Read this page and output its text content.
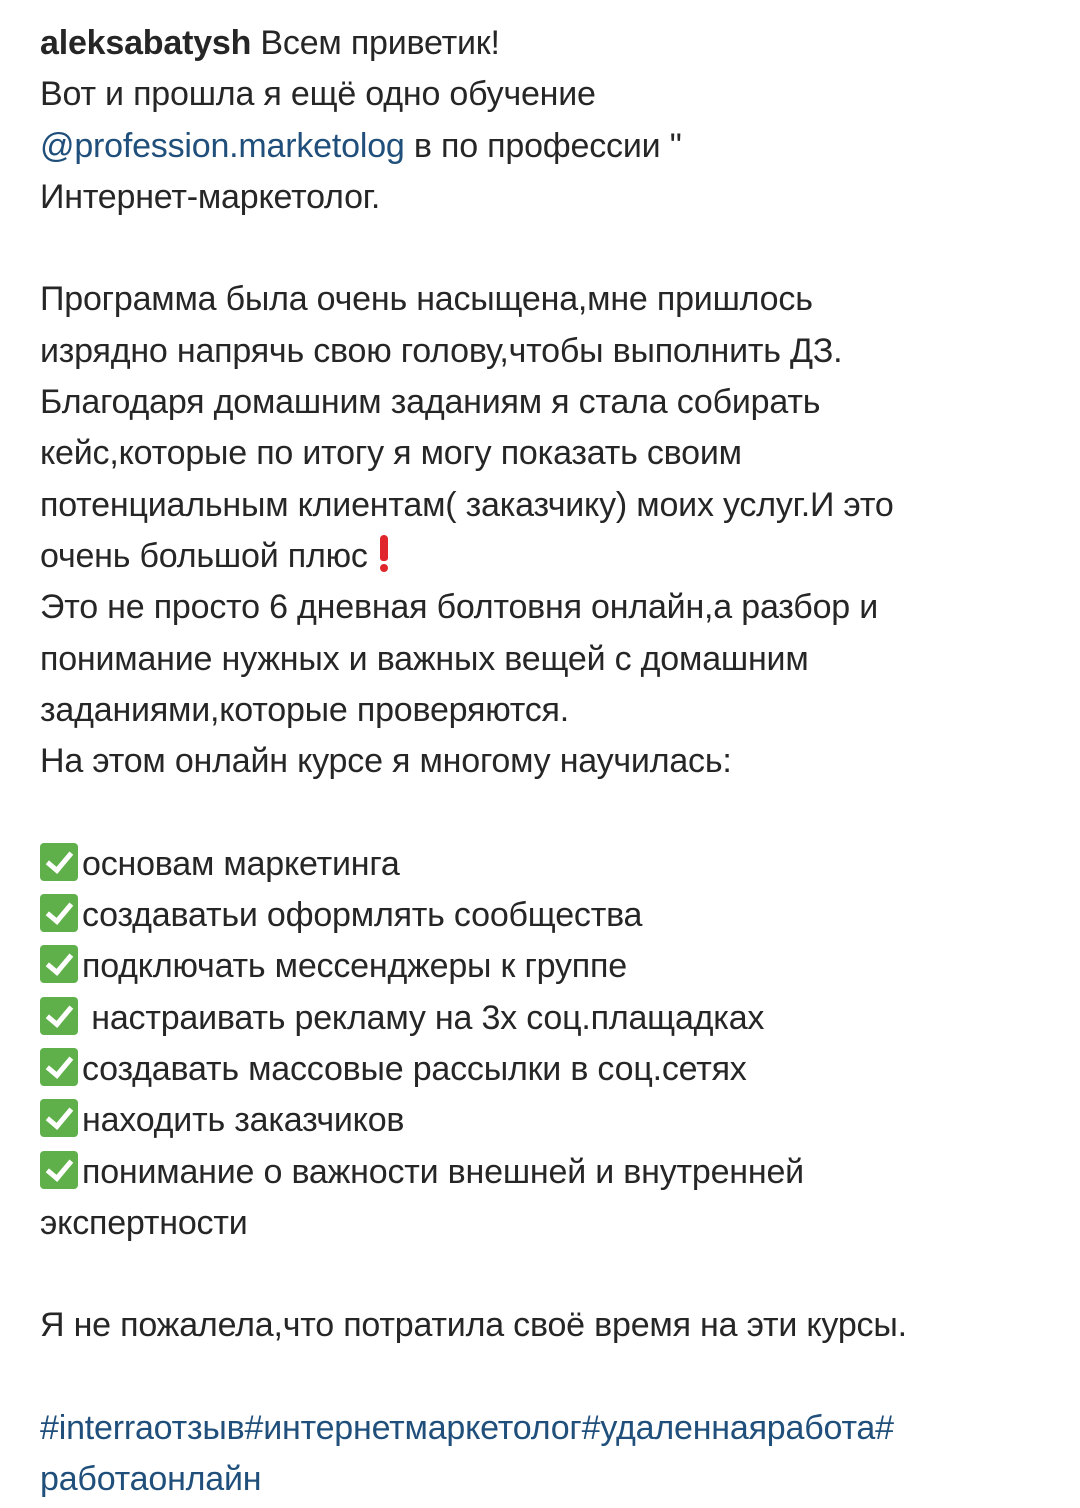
aleksabatysh Всем приветик!
Вот и прошла я ещё одно обучение
@profession.marketolog в по профессии "
Интернет-маркетолог.
Программа была очень насыщена,мне пришлось
изрядно напрячь свою голову,чтобы выполнить ДЗ.
Благодаря домашним заданиям я стала собирать
кейс,которые по итогу я могу показать своим
потенциальным клиентам( заказчику) моих услуг.И это
очень большой плюс
Это не просто 6 дневная болтовня онлайн,а разбор и
понимание нужных и важных вещей с домашним
заданиями,которые проверяются.
На этом онлайн курсе я многому научилась:
основам маркетинга
создаватьи оформлять сообщества
подключать мессенджеры к группе
настраивать рекламу на 3х соц.плащадках
создавать массовые рассылки в соц.сетях
находить заказчиков
понимание о важности внешней и внутренней
экспертности
Я не пожалела,что потратила своё время на эти курсы.
#interraотзыв#интернетмаркетолог#удаленнаяработа#
работаонлайн
